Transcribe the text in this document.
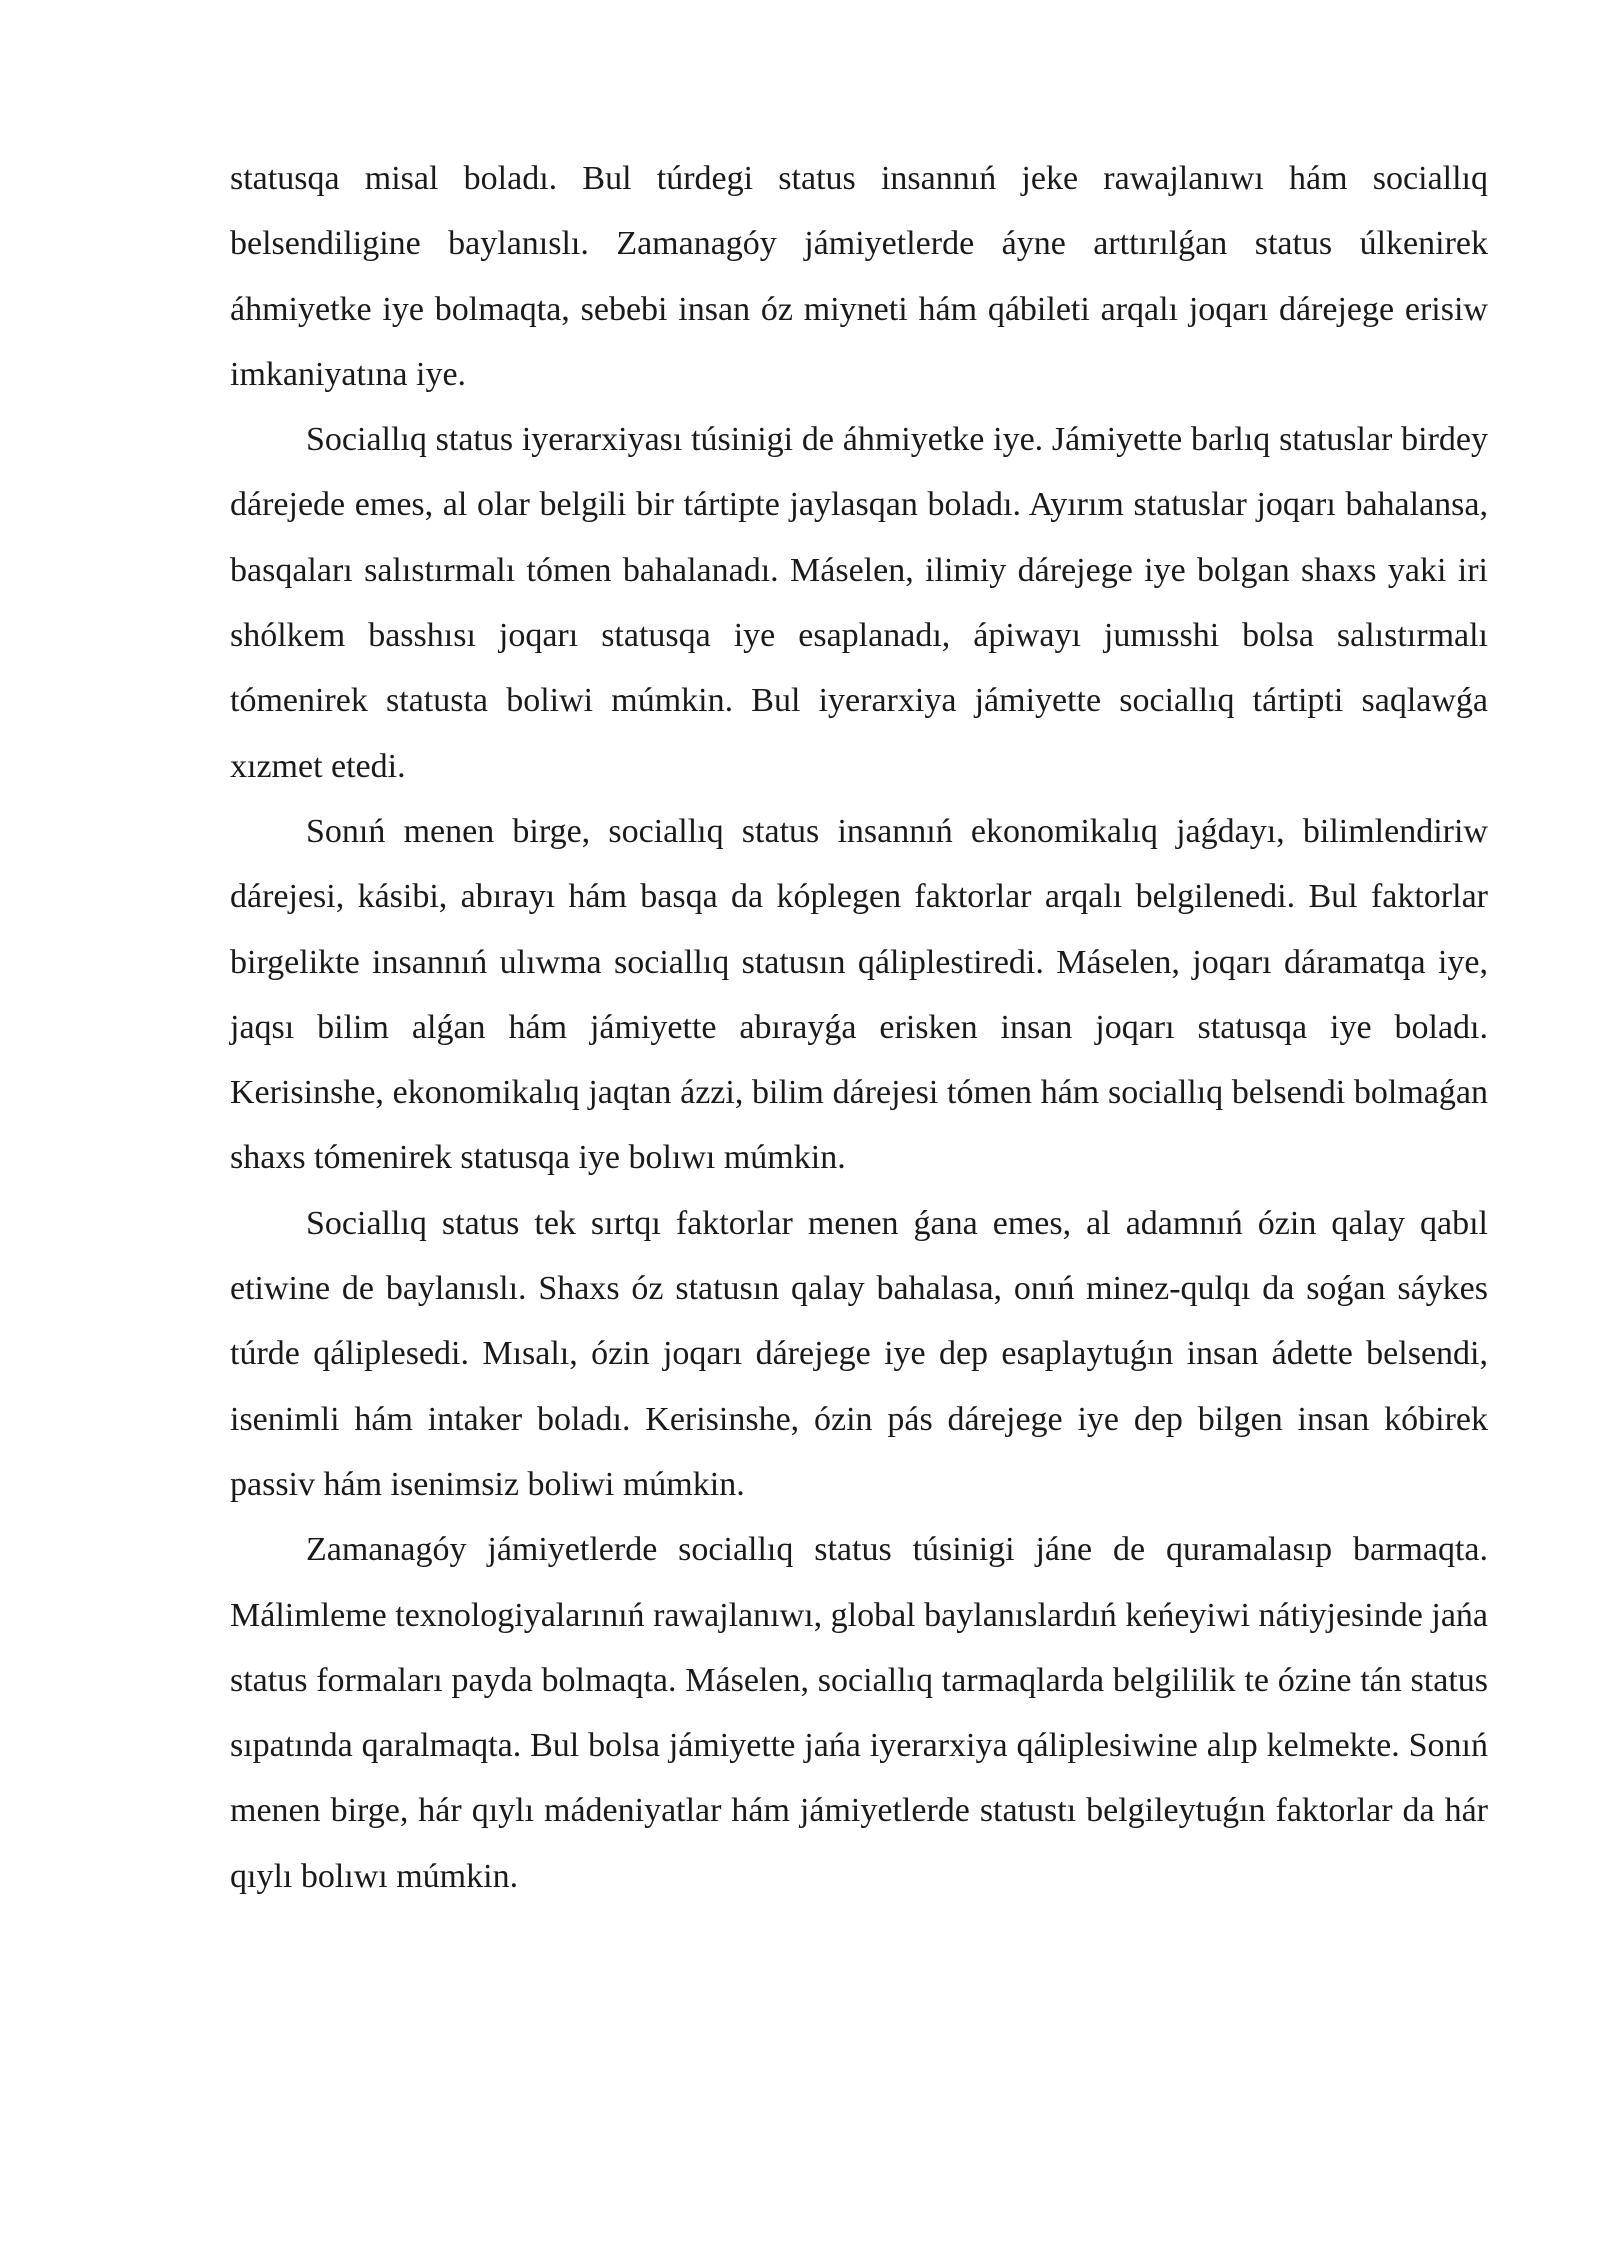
statusqa misal boladı. Bul túrdegi status insannıń jeke rawajlanıwı hám sociallıq belsendiligine baylanıslı. Zamanagóy jámiyetlerde áyne arttırılǵan status úlkenirek áhmiyetke iye bolmaqta, sebebi insan óz miyneti hám qábileti arqalı joqarı dárejege erisiw imkaniyatına iye.

Sociallıq status iyerarxiyası túsinigi de áhmiyetke iye. Jámiyette barlıq statuslar birdey dárejede emes, al olar belgili bir tártipte jaylasqan boladı. Ayırım statuslar joqarı bahalansa, basqaları salıstırmalı tómen bahalanadı. Máselen, ilimiy dárejege iye bolgan shaxs yaki iri shólkem basshısı joqarı statusqa iye esaplanadı, ápiwayı jumısshi bolsa salıstırmalı tómenirek statusta boliwi múmkin. Bul iyerarxiya jámiyette sociallıq tártipti saqlawǵa xızmet etedi.

Sonıń menen birge, sociallıq status insannıń ekonomikalıq jaǵdayı, bilimlendiriw dárejesi, kásibi, abırayı hám basqa da kóplegen faktorlar arqalı belgilenedi. Bul faktorlar birgelikte insannıń ulıwma sociallıq statusın qáliplestiredi. Máselen, joqarı dáramatqa iye, jaqsı bilim alǵan hám jámiyette abırayǵa erisken insan joqarı statusqa iye boladı. Kerisinshe, ekonomikalıq jaqtan ázzi, bilim dárejesi tómen hám sociallıq belsendi bolmaǵan shaxs tómenirek statusqa iye bolıwı múmkin.

Sociallıq status tek sırtqı faktorlar menen ǵana emes, al adamnıń ózin qalay qabıl etiwine de baylanıslı. Shaxs óz statusın qalay bahalasa, onıń minez-qulqı da soǵan sáykes túrde qáliplesedi. Mısalı, ózin joqarı dárejege iye dep esaplaytuǵın insan ádette belsendi, isenimli hám intaker boladı. Kerisinshe, ózin pás dárejege iye dep bilgen insan kóbirek passiv hám isenimsiz boliwi múmkin.

Zamanagóy jámiyetlerde sociallıq status túsinigi jáne de quramalasıp barmaqta. Málimleme texnologiyalarınıń rawajlanıwı, global baylanıslardıń keńeyiwi nátiyjesinde jańa status formaları payda bolmaqta. Máselen, sociallıq tarmaqlarda belgililik te ózine tán status sıpatında qaralmaqta. Bul bolsa jámiyette jańa iyerarxiya qáliplesiwine alıp kelmekte. Sonıń menen birge, hár qıylı mádeniyatlar hám jámiyetlerde statustı belgileytuǵın faktorlar da hár qıylı bolıwı múmkin.
